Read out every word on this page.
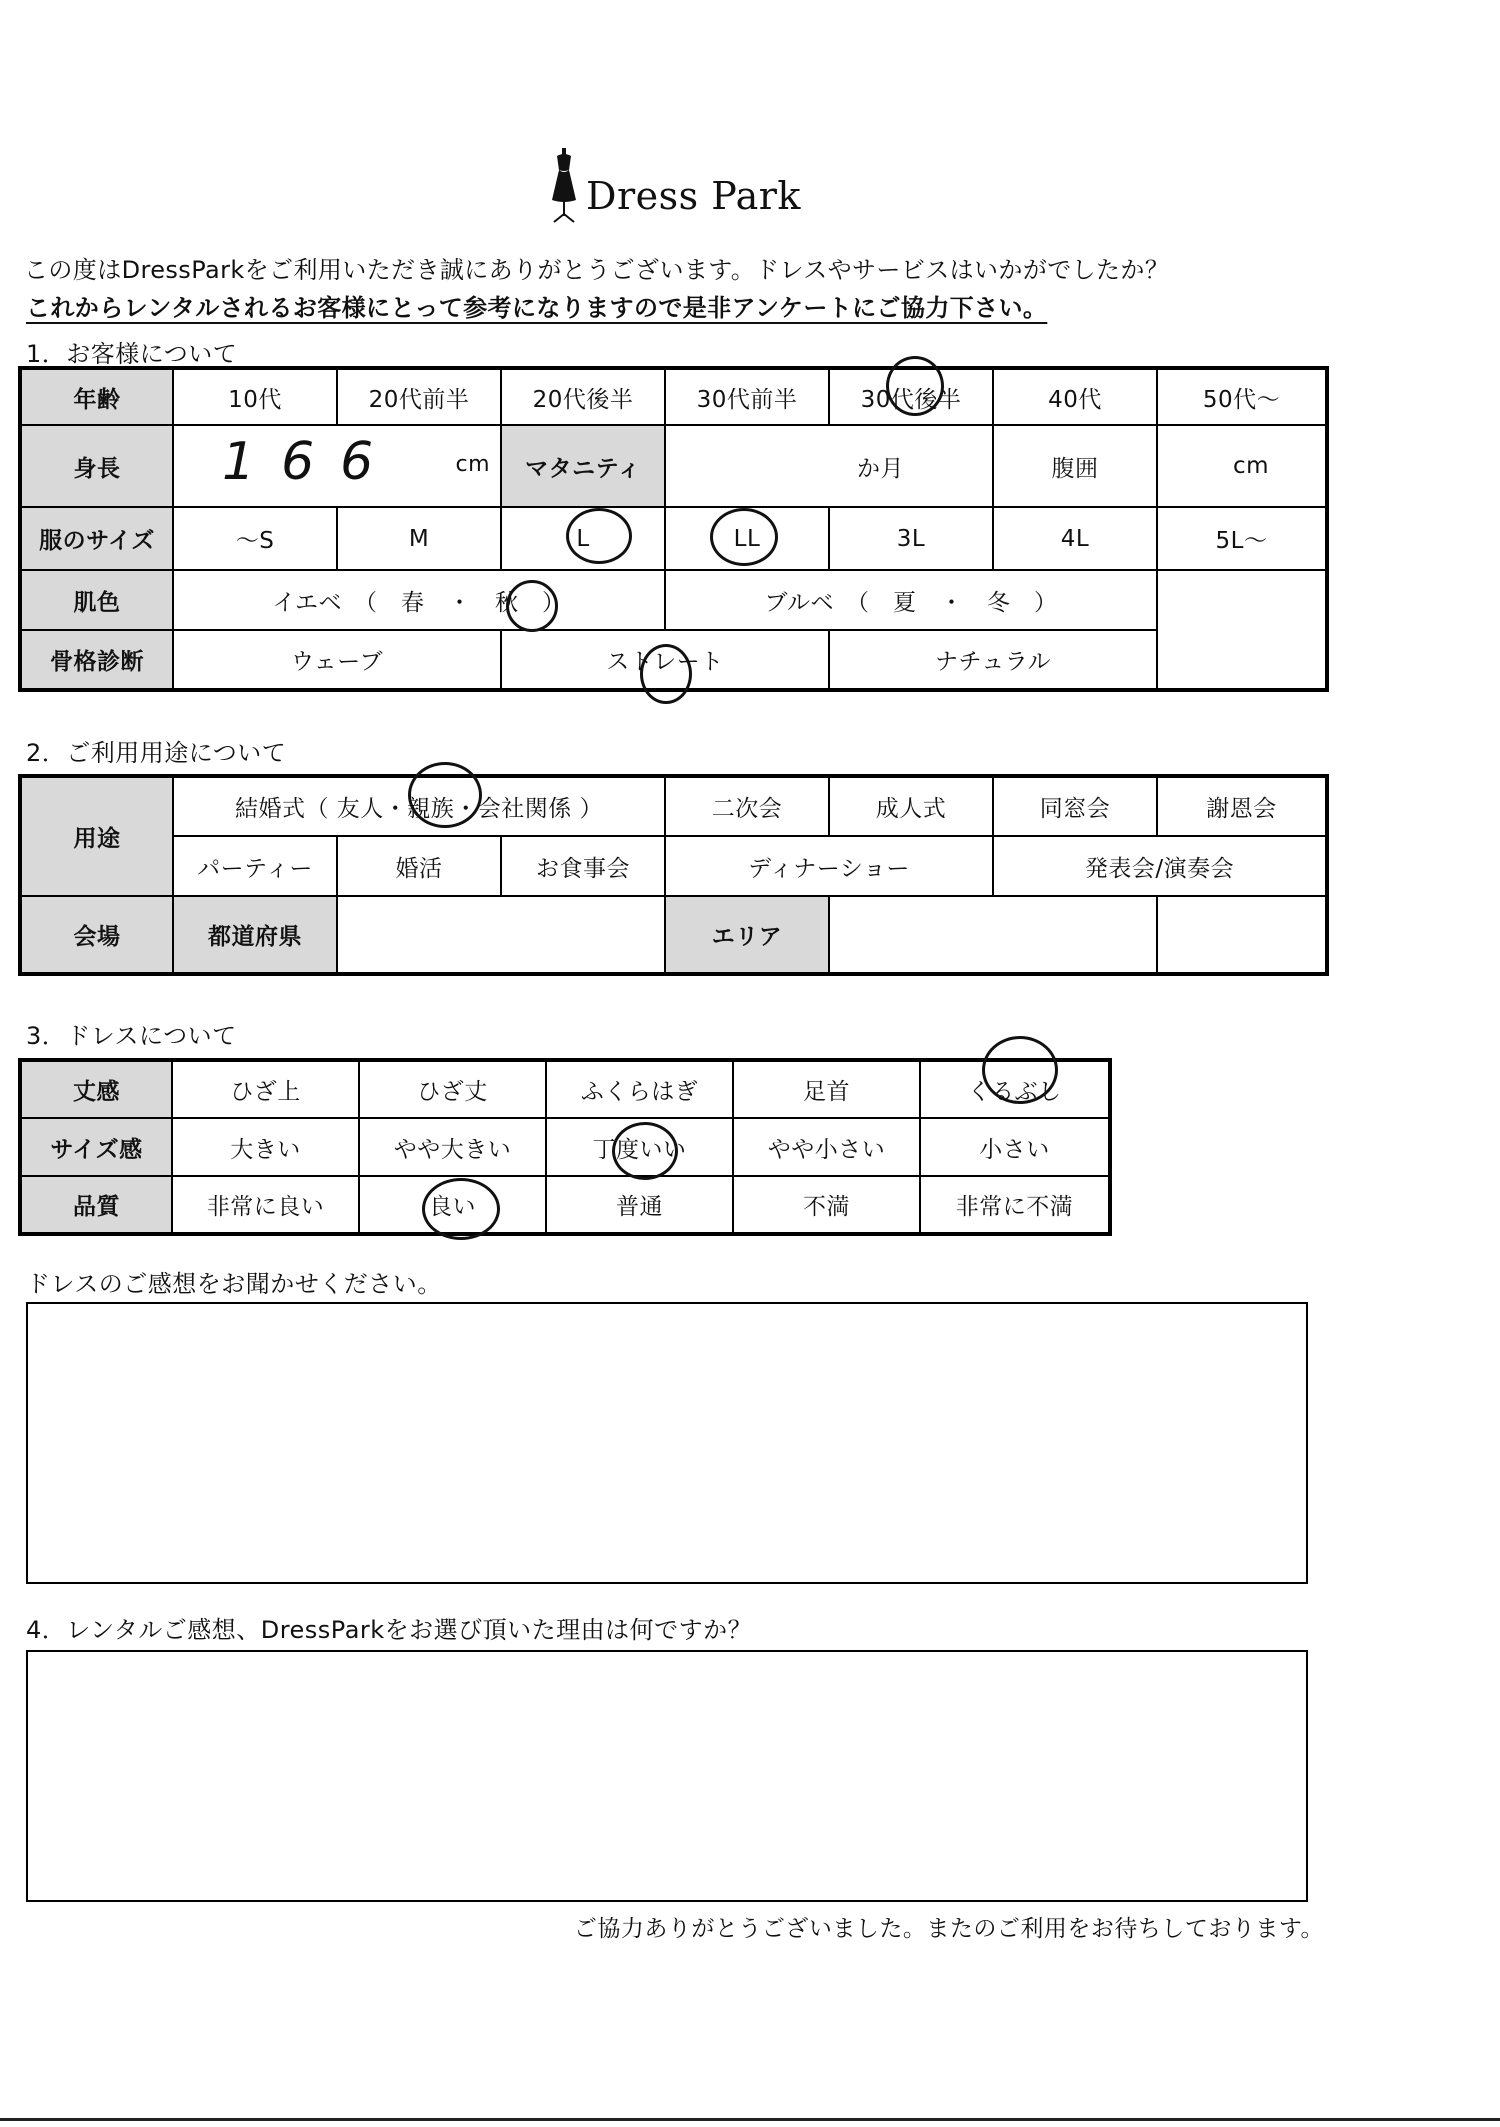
Dress Park
この度はDressParkをご利用いただき誠にありがとうございます。ドレスやサービスはいかがでしたか？
これからレンタルされるお客様にとって参考になりますので是非アンケートにご協力下さい。
1．お客様について
年齢	10代	20代前半	20代後半	30代前半	30代後半	40代	50代〜
身長	166 cm		マタニティ	か月		腹囲	cm
服のサイズ	〜S	M	L	LL	3L	4L	5L〜
肌色	イエベ　（　春　・　秋　）			ブルベ　（　夏　・　冬　）			
骨格診断	ウェーブ		ストレート		ナチュラル		
2．ご利用用途について
用途	結婚式（ 友人・親族・会社関係 ）			二次会	成人式	同窓会	謝恩会
	パーティー	婚活	お食事会	ディナーショー		発表会/演奏会	
会場	都道府県			エリア			
3．ドレスについて
丈感	ひざ上	ひざ丈	ふくらはぎ	足首	くるぶし
サイズ感	大きい	やや大きい	丁度いい	やや小さい	小さい
品質	非常に良い	良い	普通	不満	非常に不満
ドレスのご感想をお聞かせください。
4．レンタルご感想、DressParkをお選び頂いた理由は何ですか？
ご協力ありがとうございました。またのご利用をお待ちしております。
